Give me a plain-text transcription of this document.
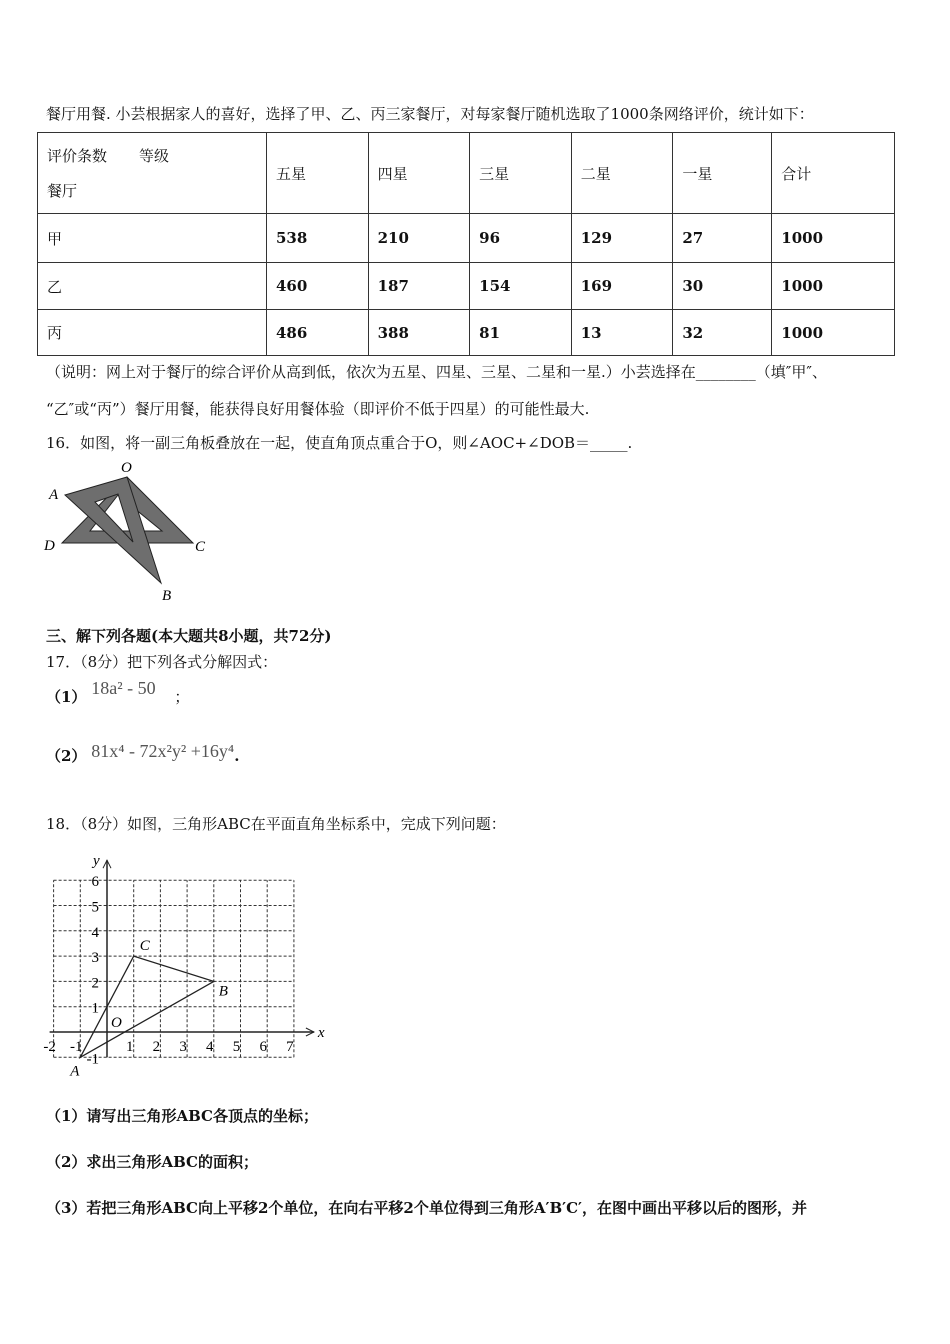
餐厅用餐. 小芸根据家人的喜好，选择了甲、乙、丙三家餐厅，对每家餐厅随机选取了1000条网络评价，统计如下：
评价条数 等级
餐厅	五星	四星	三星	二星	一星	合计
甲	538	210	96	129	27	1000
乙	460	187	154	169	30	1000
丙	486	388	81	13	32	1000
（说明：网上对于餐厅的综合评价从高到低，依次为五星、四星、三星、二星和一星.）小芸选择在________（填″甲″、
“乙″或“丙”）餐厅用餐，能获得良好用餐体验（即评价不低于四星）的可能性最大.
16．如图，将一副三角板叠放在一起，使直角顶点重合于O，则∠AOC+∠DOB＝_____.
O
A
D	C
B
三、解下列各题(本大题共8小题，共72分)
17．（8分）把下列各式分解因式：
（1） 18a² - 50 ；
（2） 81x⁴ - 72x²y² +16y⁴.
18．（8分）如图，三角形ABC在平面直角坐标系中，完成下列问题：
x
y
-2 -1	1 2 3 4 5 6 7
-1
1
2
3
4
5
6
O
A
B
C
（1）请写出三角形ABC各顶点的坐标；
（2）求出三角形ABC的面积；
（3）若把三角形ABC向上平移2个单位，在向右平移2个单位得到三角形A′B′C′，在图中画出平移以后的图形，并
